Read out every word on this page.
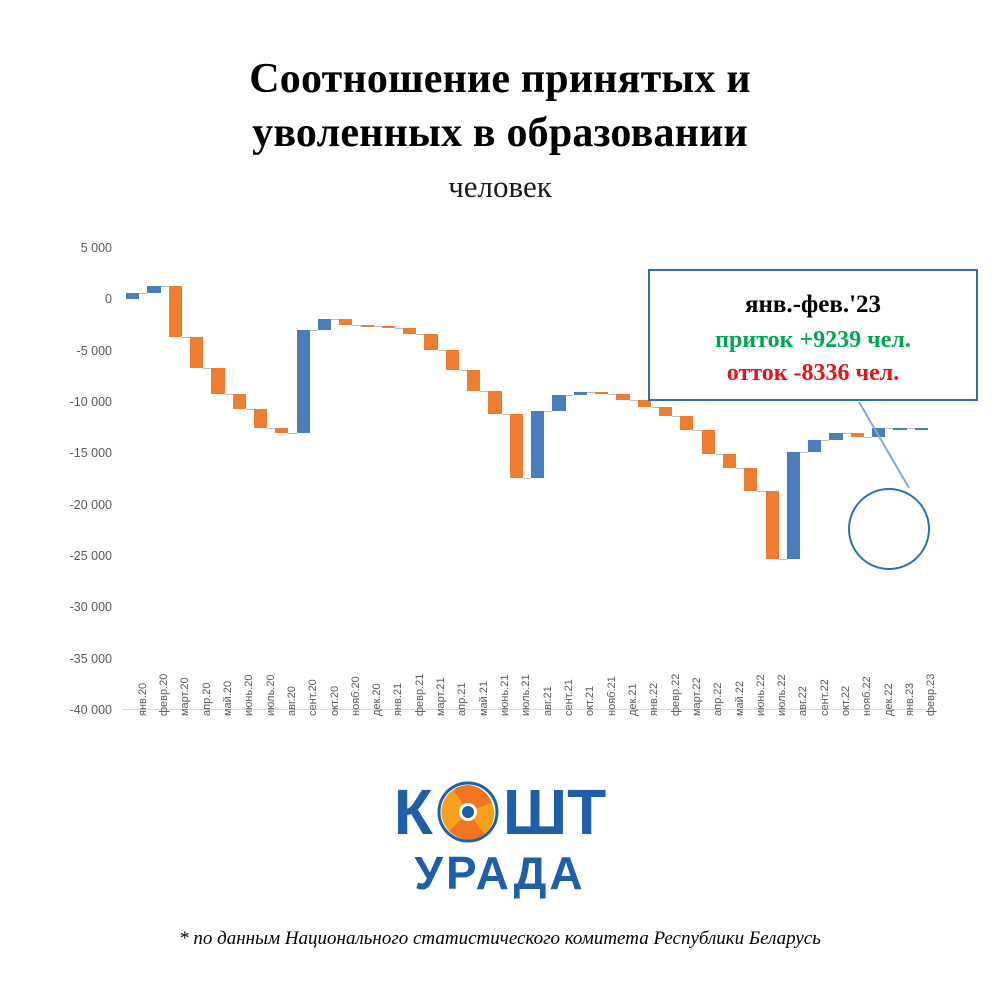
Соотношение принятых и
уволенных в образовании
человек
5 000
0
-5 000
-10 000
-15 000
-20 000
-25 000
-30 000
-35 000
-40 000 янв.20 февр.20 март.20 апр.20 май.20 июнь.20 июль.20 авг.20 сент.20 окт.20 нояб.20 дек.20 янв.21 февр.21 март.21 апр.21 май.21 июнь.21 июль.21 авг.21 сент.21 окт.21 нояб.21 дек.21 янв.22 февр.22 март.22 апр.22 май.22 июнь.22 июль.22 авг.22 сент.22 окт.22 нояб.22 дек.22 янв.23 февр.23
янв.-фев.'23
приток +9239 чел.
отток -8336 чел.
К ШТ
УРАДА
* по данным Национального статистического комитета Республики Беларусь
